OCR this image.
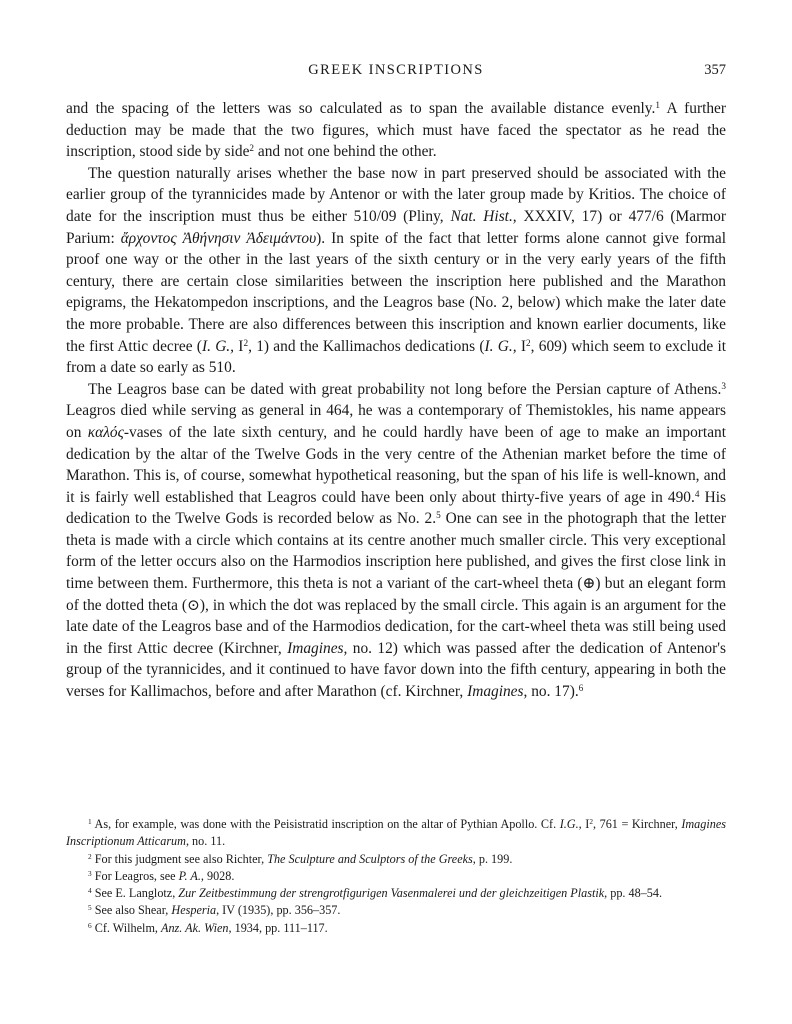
GREEK INSCRIPTIONS	357

and the spacing of the letters was so calculated as to span the available distance evenly.$^1$ A further deduction may be made that the two figures, which must have faced the spectator as he read the inscription, stood side by side$^2$ and not one behind the other.

The question naturally arises whether the base now in part preserved should be associated with the earlier group of the tyrannicides made by Antenor or with the later group made by Kritios. The choice of date for the inscription must thus be either 510/09 (Pliny, Nat. Hist., XXXIV, 17) or 477/6 (Marmor Parium: ἄρχοντος Ἀθήνησιν Ἀδειμάντου). In spite of the fact that letter forms alone cannot give formal proof one way or the other in the last years of the sixth century or in the very early years of the fifth century, there are certain close similarities between the inscription here published and the Marathon epigrams, the Hekatompedon inscriptions, and the Leagros base (No. 2, below) which make the later date the more probable. There are also differences between this inscription and known earlier documents, like the first Attic decree (I. G., $I^2$, 1) and the Kallimachos dedications (I. G., $I^2$, 609) which seem to exclude it from a date so early as 510.

The Leagros base can be dated with great probability not long before the Persian capture of Athens.$^3$ Leagros died while serving as general in 464, he was a contemporary of Themistokles, his name appears on καλός-vases of the late sixth century, and he could hardly have been of age to make an important dedication by the altar of the Twelve Gods in the very centre of the Athenian market before the time of Marathon. This is, of course, somewhat hypothetical reasoning, but the span of his life is well-known, and it is fairly well established that Leagros could have been only about thirty-five years of age in 490.$^4$ His dedication to the Twelve Gods is recorded below as No. 2.$^5$ One can see in the photograph that the letter theta is made with a circle which contains at its centre another much smaller circle. This very exceptional form of the letter occurs also on the Harmodios inscription here published, and gives the first close link in time between them. Furthermore, this theta is not a variant of the cart-wheel theta (⊕) but an elegant form of the dotted theta (⊙), in which the dot was replaced by the small circle. This again is an argument for the late date of the Leagros base and of the Harmodios dedication, for the cart-wheel theta was still being used in the first Attic decree (Kirchner, Imagines, no. 12) which was passed after the dedication of Antenor's group of the tyrannicides, and it continued to have favor down into the fifth century, appearing in both the verses for Kallimachos, before and after Marathon (cf. Kirchner, Imagines, no. 17).$^6$

$^1$ As, for example, was done with the Peisistratid inscription on the altar of Pythian Apollo. Cf. I.G., $I^2$, 761 = Kirchner, Imagines Inscriptionum Atticarum, no. 11.

$^2$ For this judgment see also Richter, The Sculpture and Sculptors of the Greeks, p. 199.

$^3$ For Leagros, see P. A., 9028.

$^4$ See E. Langlotz, Zur Zeitbestimmung der strengrotfigurigen Vasenmalerei und der gleichzeitigen Plastik, pp. 48–54.

$^5$ See also Shear, Hesperia, IV (1935), pp. 356–357.

$^6$ Cf. Wilhelm, Anz. Ak. Wien, 1934, pp. 111–117.
